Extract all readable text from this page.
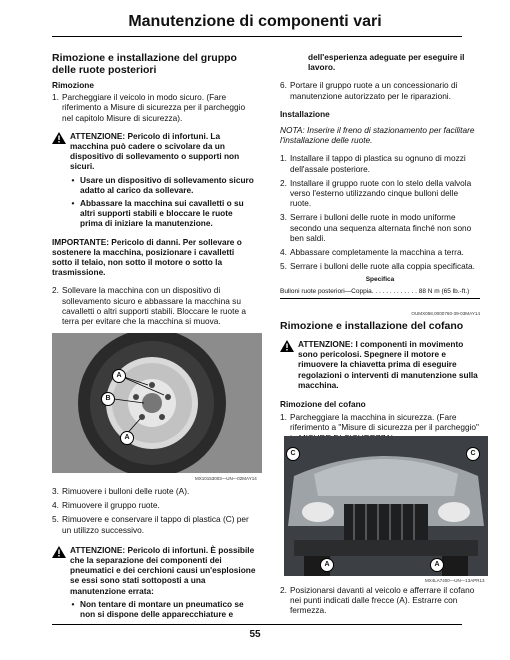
Manutenzione di componenti vari
Rimozione e installazione del gruppo delle ruote posteriori
Rimozione
1. Parcheggiare il veicolo in modo sicuro. (Fare riferimento a Misure di sicurezza per il parcheggio nel capitolo Misure di sicurezza).
ATTENZIONE: Pericolo di infortuni. La macchina può cadere o scivolare da un dispositivo di sollevamento o supporti non sicuri.
• Usare un dispositivo di sollevamento sicuro adatto al carico da sollevare.
• Abbassare la macchina sui cavalletti o su altri supporti stabili e bloccare le ruote prima di iniziare la manutenzione.
IMPORTANTE: Pericolo di danni. Per sollevare o sostenere la macchina, posizionare i cavalletti sotto il telaio, non sotto il motore o sotto la trasmissione.
2. Sollevare la macchina con un dispositivo di sollevamento sicuro e abbassare la macchina su cavalletti o altri supporti stabili. Bloccare le ruote a terra per evitare che la macchina si muova.
A
B
A
MX10153003—UN—02MAY14
3. Rimuovere i bulloni delle ruote (A).
4. Rimuovere il gruppo ruote.
5. Rimuovere e conservare il tappo di plastica (C) per un utilizzo successivo.
ATTENZIONE: Pericolo di infortuni. È possibile che la separazione dei componenti dei pneumatici e dei cerchioni causi un'esplosione se essi sono stati sottoposti a una manutenzione errata:
• Non tentare di montare un pneumatico se non si dispone delle apparecchiature e
dell'esperienza adeguate per eseguire il lavoro.
6. Portare il gruppo ruote a un concessionario di manutenzione autorizzato per le riparazioni.
Installazione
NOTA: Inserire il freno di stazionamento per facilitare l'installazione delle ruote.
1. Installare il tappo di plastica su ognuno di mozzi dell'assale posteriore.
2. Installare il gruppo ruote con lo stelo della valvola verso l'esterno utilizzando cinque bulloni delle ruote.
3. Serrare i bulloni delle ruote in modo uniforme secondo una sequenza alternata finché non sono ben saldi.
4. Abbassare completamente la macchina a terra.
5. Serrare i bulloni delle ruote alla coppia specificata.
Specifica
Bulloni ruote posteriori—Coppia. . . . . . . . . . . . . 88 N m (65 lb.-ft.)
OUMX058,0000760-39-03MAY14
Rimozione e installazione del cofano
ATTENZIONE: I componenti in movimento sono pericolosi. Spegnere il motore e rimuovere la chiavetta prima di eseguire regolazioni o interventi di manutenzione sulla macchina.
Rimozione del cofano
1. Parcheggiare la macchina in sicurezza. (Fare riferimento a "Misure di sicurezza per il parcheggio"
C	C
A	A
MX4LA7400—UN—13APR13
2. Posizionarsi davanti al veicolo e afferrare il cofano nei punti indicati dalle frecce (A). Estrarre con fermezza.
55
